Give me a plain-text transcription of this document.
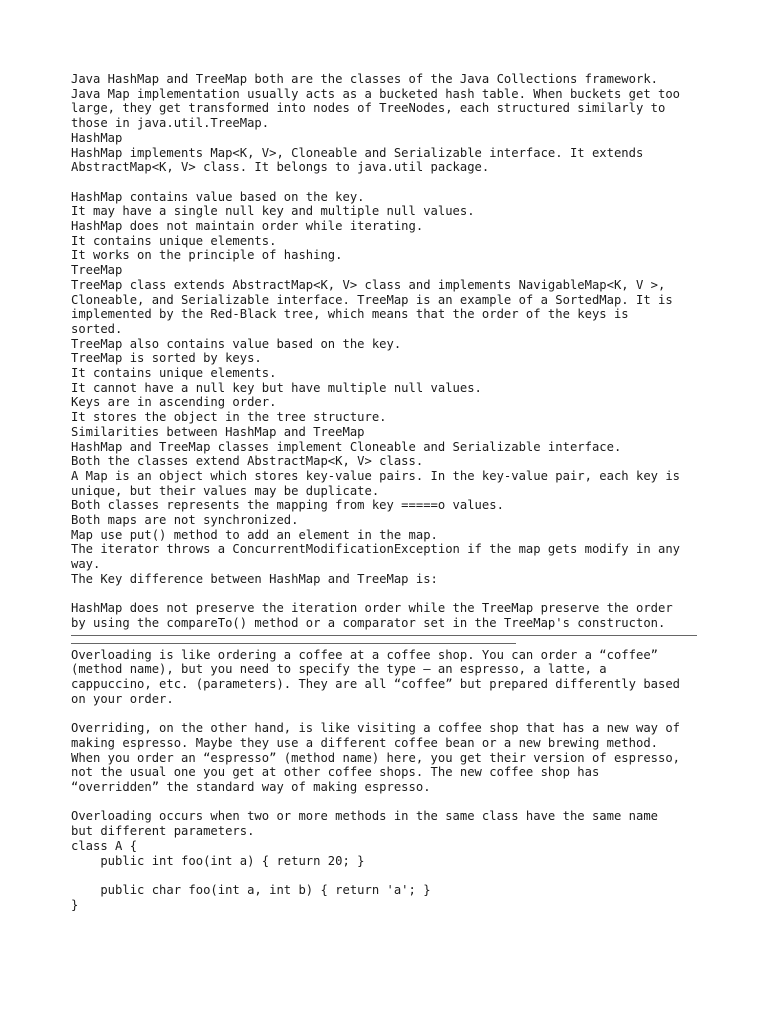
Java HashMap and TreeMap both are the classes of the Java Collections framework.
Java Map implementation usually acts as a bucketed hash table. When buckets get too
large, they get transformed into nodes of TreeNodes, each structured similarly to
those in java.util.TreeMap.
HashMap
HashMap implements Map<K, V>, Cloneable and Serializable interface. It extends
AbstractMap<K, V> class. It belongs to java.util package.
HashMap contains value based on the key.
It may have a single null key and multiple null values.
HashMap does not maintain order while iterating.
It contains unique elements.
It works on the principle of hashing.
TreeMap
TreeMap class extends AbstractMap<K, V> class and implements NavigableMap<K, V >,
Cloneable, and Serializable interface. TreeMap is an example of a SortedMap. It is
implemented by the Red-Black tree, which means that the order of the keys is
sorted.
TreeMap also contains value based on the key.
TreeMap is sorted by keys.
It contains unique elements.
It cannot have a null key but have multiple null values.
Keys are in ascending order.
It stores the object in the tree structure.
Similarities between HashMap and TreeMap
HashMap and TreeMap classes implement Cloneable and Serializable interface.
Both the classes extend AbstractMap<K, V> class.
A Map is an object which stores key-value pairs. In the key-value pair, each key is
unique, but their values may be duplicate.
Both classes represents the mapping from key =====o values.
Both maps are not synchronized.
Map use put() method to add an element in the map.
The iterator throws a ConcurrentModificationException if the map gets modify in any
way.
The Key difference between HashMap and TreeMap is:
HashMap does not preserve the iteration order while the TreeMap preserve the order
by using the compareTo() method or a comparator set in the TreeMap's constructon.
Overloading is like ordering a coffee at a coffee shop. You can order a “coffee”
(method name), but you need to specify the type – an espresso, a latte, a
cappuccino, etc. (parameters). They are all “coffee” but prepared differently based
on your order.
Overriding, on the other hand, is like visiting a coffee shop that has a new way of
making espresso. Maybe they use a different coffee bean or a new brewing method.
When you order an “espresso” (method name) here, you get their version of espresso,
not the usual one you get at other coffee shops. The new coffee shop has
“overridden” the standard way of making espresso.
Overloading occurs when two or more methods in the same class have the same name
but different parameters.
class A {
public int foo(int a) { return 20; }
public char foo(int a, int b) { return 'a'; }
}
